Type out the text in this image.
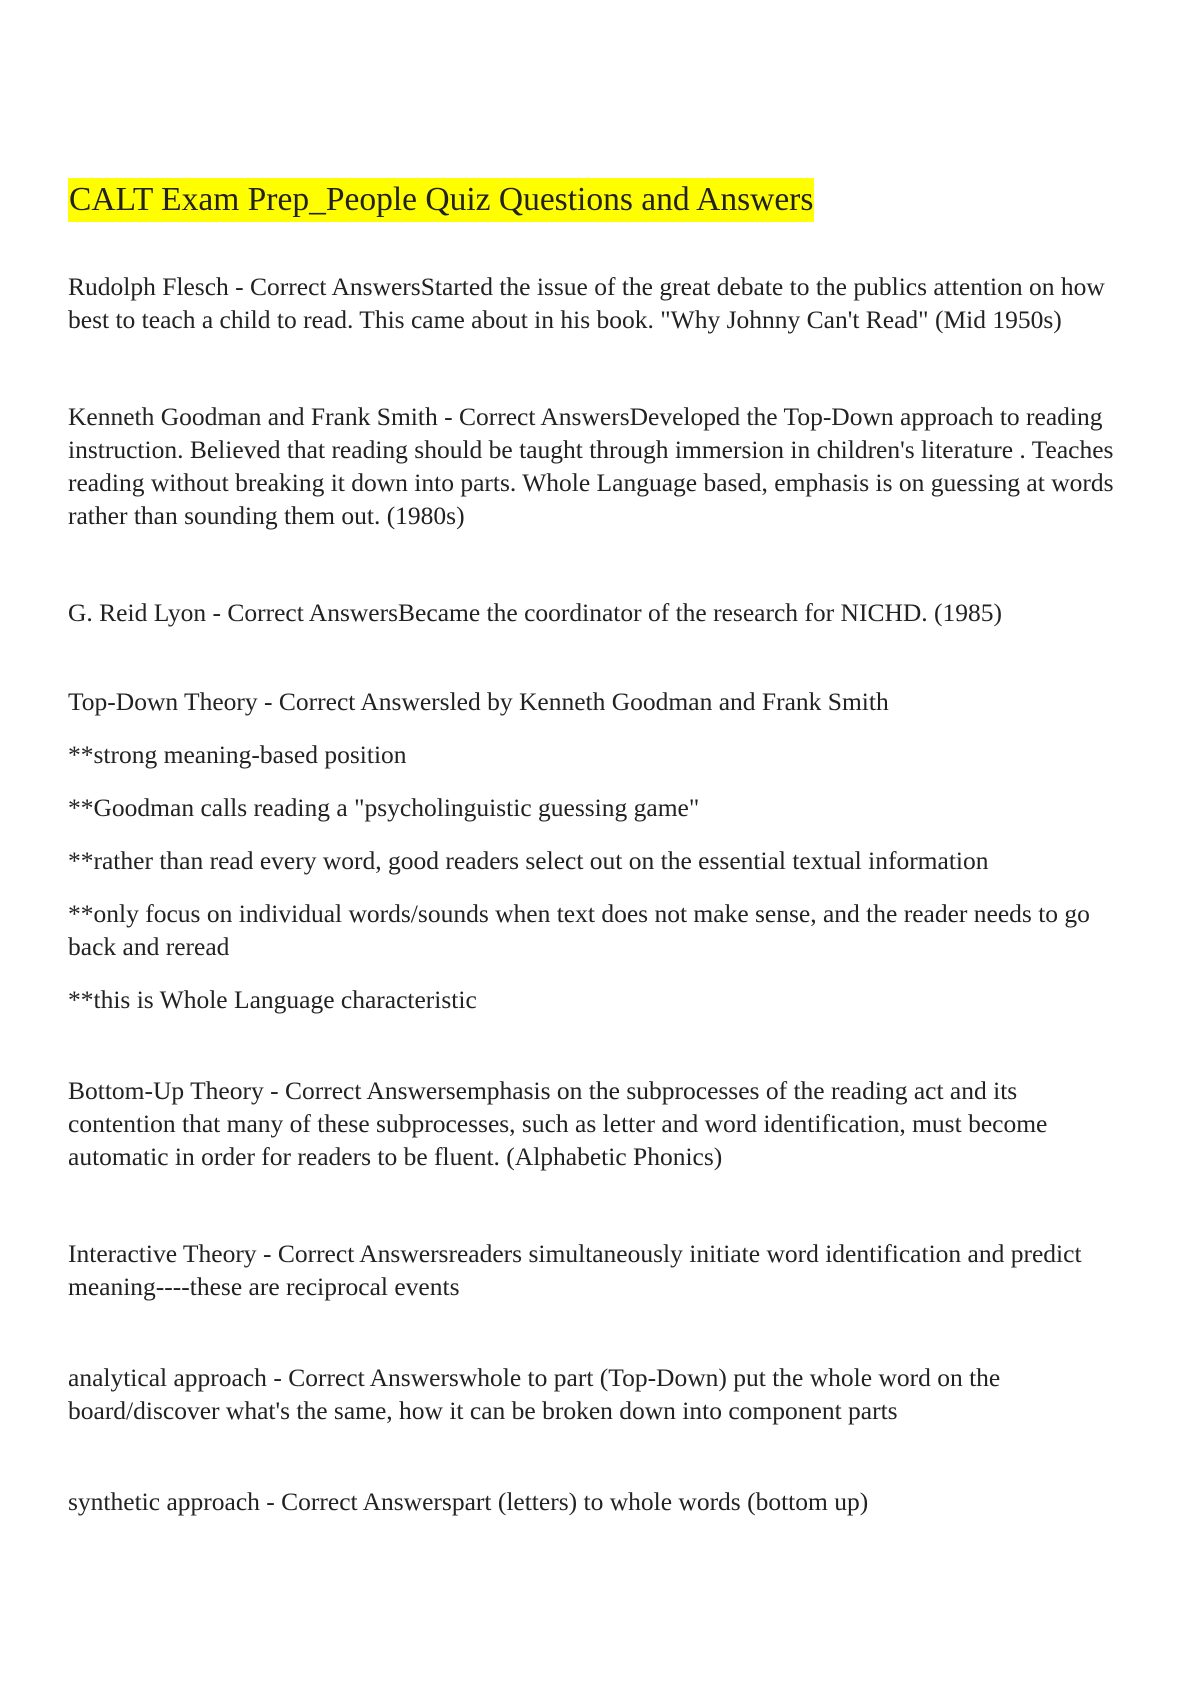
CALT Exam Prep_People Quiz Questions and Answers

Rudolph Flesch - Correct AnswersStarted the issue of the great debate to the publics attention on how best to teach a child to read. This came about in his book. "Why Johnny Can't Read" (Mid 1950s)

Kenneth Goodman and Frank Smith - Correct AnswersDeveloped the Top-Down approach to reading instruction. Believed that reading should be taught through immersion in children's literature . Teaches reading without breaking it down into parts. Whole Language based, emphasis is on guessing at words rather than sounding them out. (1980s)

G. Reid Lyon - Correct AnswersBecame the coordinator of the research for NICHD. (1985)

Top-Down Theory - Correct Answersled by Kenneth Goodman and Frank Smith
**strong meaning-based position
**Goodman calls reading a "psycholinguistic guessing game"
**rather than read every word, good readers select out on the essential textual information
**only focus on individual words/sounds when text does not make sense, and the reader needs to go back and reread
**this is Whole Language characteristic

Bottom-Up Theory - Correct Answersemphasis on the subprocesses of the reading act and its contention that many of these subprocesses, such as letter and word identification, must become automatic in order for readers to be fluent. (Alphabetic Phonics)

Interactive Theory - Correct Answersreaders simultaneously initiate word identification and predict meaning----these are reciprocal events

analytical approach - Correct Answerswhole to part (Top-Down) put the whole word on the board/discover what's the same, how it can be broken down into component parts

synthetic approach - Correct Answerspart (letters) to whole words (bottom up)
